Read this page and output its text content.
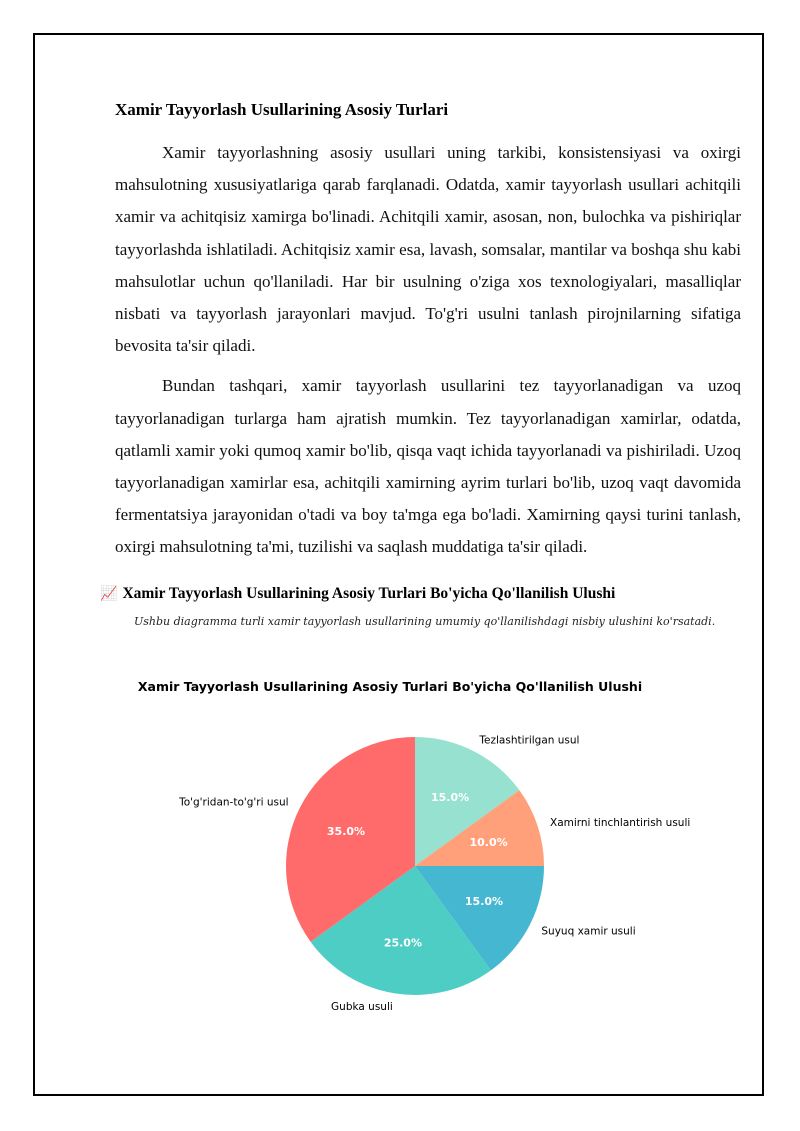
Xamir Tayyorlash Usullarining Asosiy Turlari

Xamir tayyorlashning asosiy usullari uning tarkibi, konsistensiyasi va oxirgi mahsulotning xususiyatlariga qarab farqlanadi. Odatda, xamir tayyorlash usullari achitqili xamir va achitqisiz xamirga bo'linadi. Achitqili xamir, asosan, non, bulochka va pishiriqlar tayyorlashda ishlatiladi. Achitqisiz xamir esa, lavash, somsalar, mantilar va boshqa shu kabi mahsulotlar uchun qo'llaniladi. Har bir usulning o'ziga xos texnologiyalari, masalliqlar nisbati va tayyorlash jarayonlari mavjud. To'g'ri usulni tanlash pirojnilarning sifatiga bevosita ta'sir qiladi.

Bundan tashqari, xamir tayyorlash usullarini tez tayyorlanadigan va uzoq tayyorlanadigan turlarga ham ajratish mumkin. Tez tayyorlanadigan xamirlar, odatda, qatlamli xamir yoki qumoq xamir bo'lib, qisqa vaqt ichida tayyorlanadi va pishiriladi. Uzoq tayyorlanadigan xamirlar esa, achitqili xamirning ayrim turlari bo'lib, uzoq vaqt davomida fermentatsiya jarayonidan o'tadi va boy ta'mga ega bo'ladi. Xamirning qaysi turini tanlash, oxirgi mahsulotning ta'mi, tuzilishi va saqlash muddatiga ta'sir qiladi.

📈 Xamir Tayyorlash Usullarining Asosiy Turlari Bo'yicha Qo'llanilish Ulushi
Ushbu diagramma turli xamir tayyorlash usullarining umumiy qo'llanilishdagi nisbiy ulushini ko'rsatadi.
Xamir Tayyorlash Usullarining Asosiy Turlari Bo'yicha Qo'llanilish Ulushi
15.0%
10.0%
15.0%
25.0%
35.0%
Tezlashtirilgan usul
Xamirni tinchlantirish usuli
Suyuq xamir usuli
Gubka usuli
To'g'ridan-to'g'ri usul
